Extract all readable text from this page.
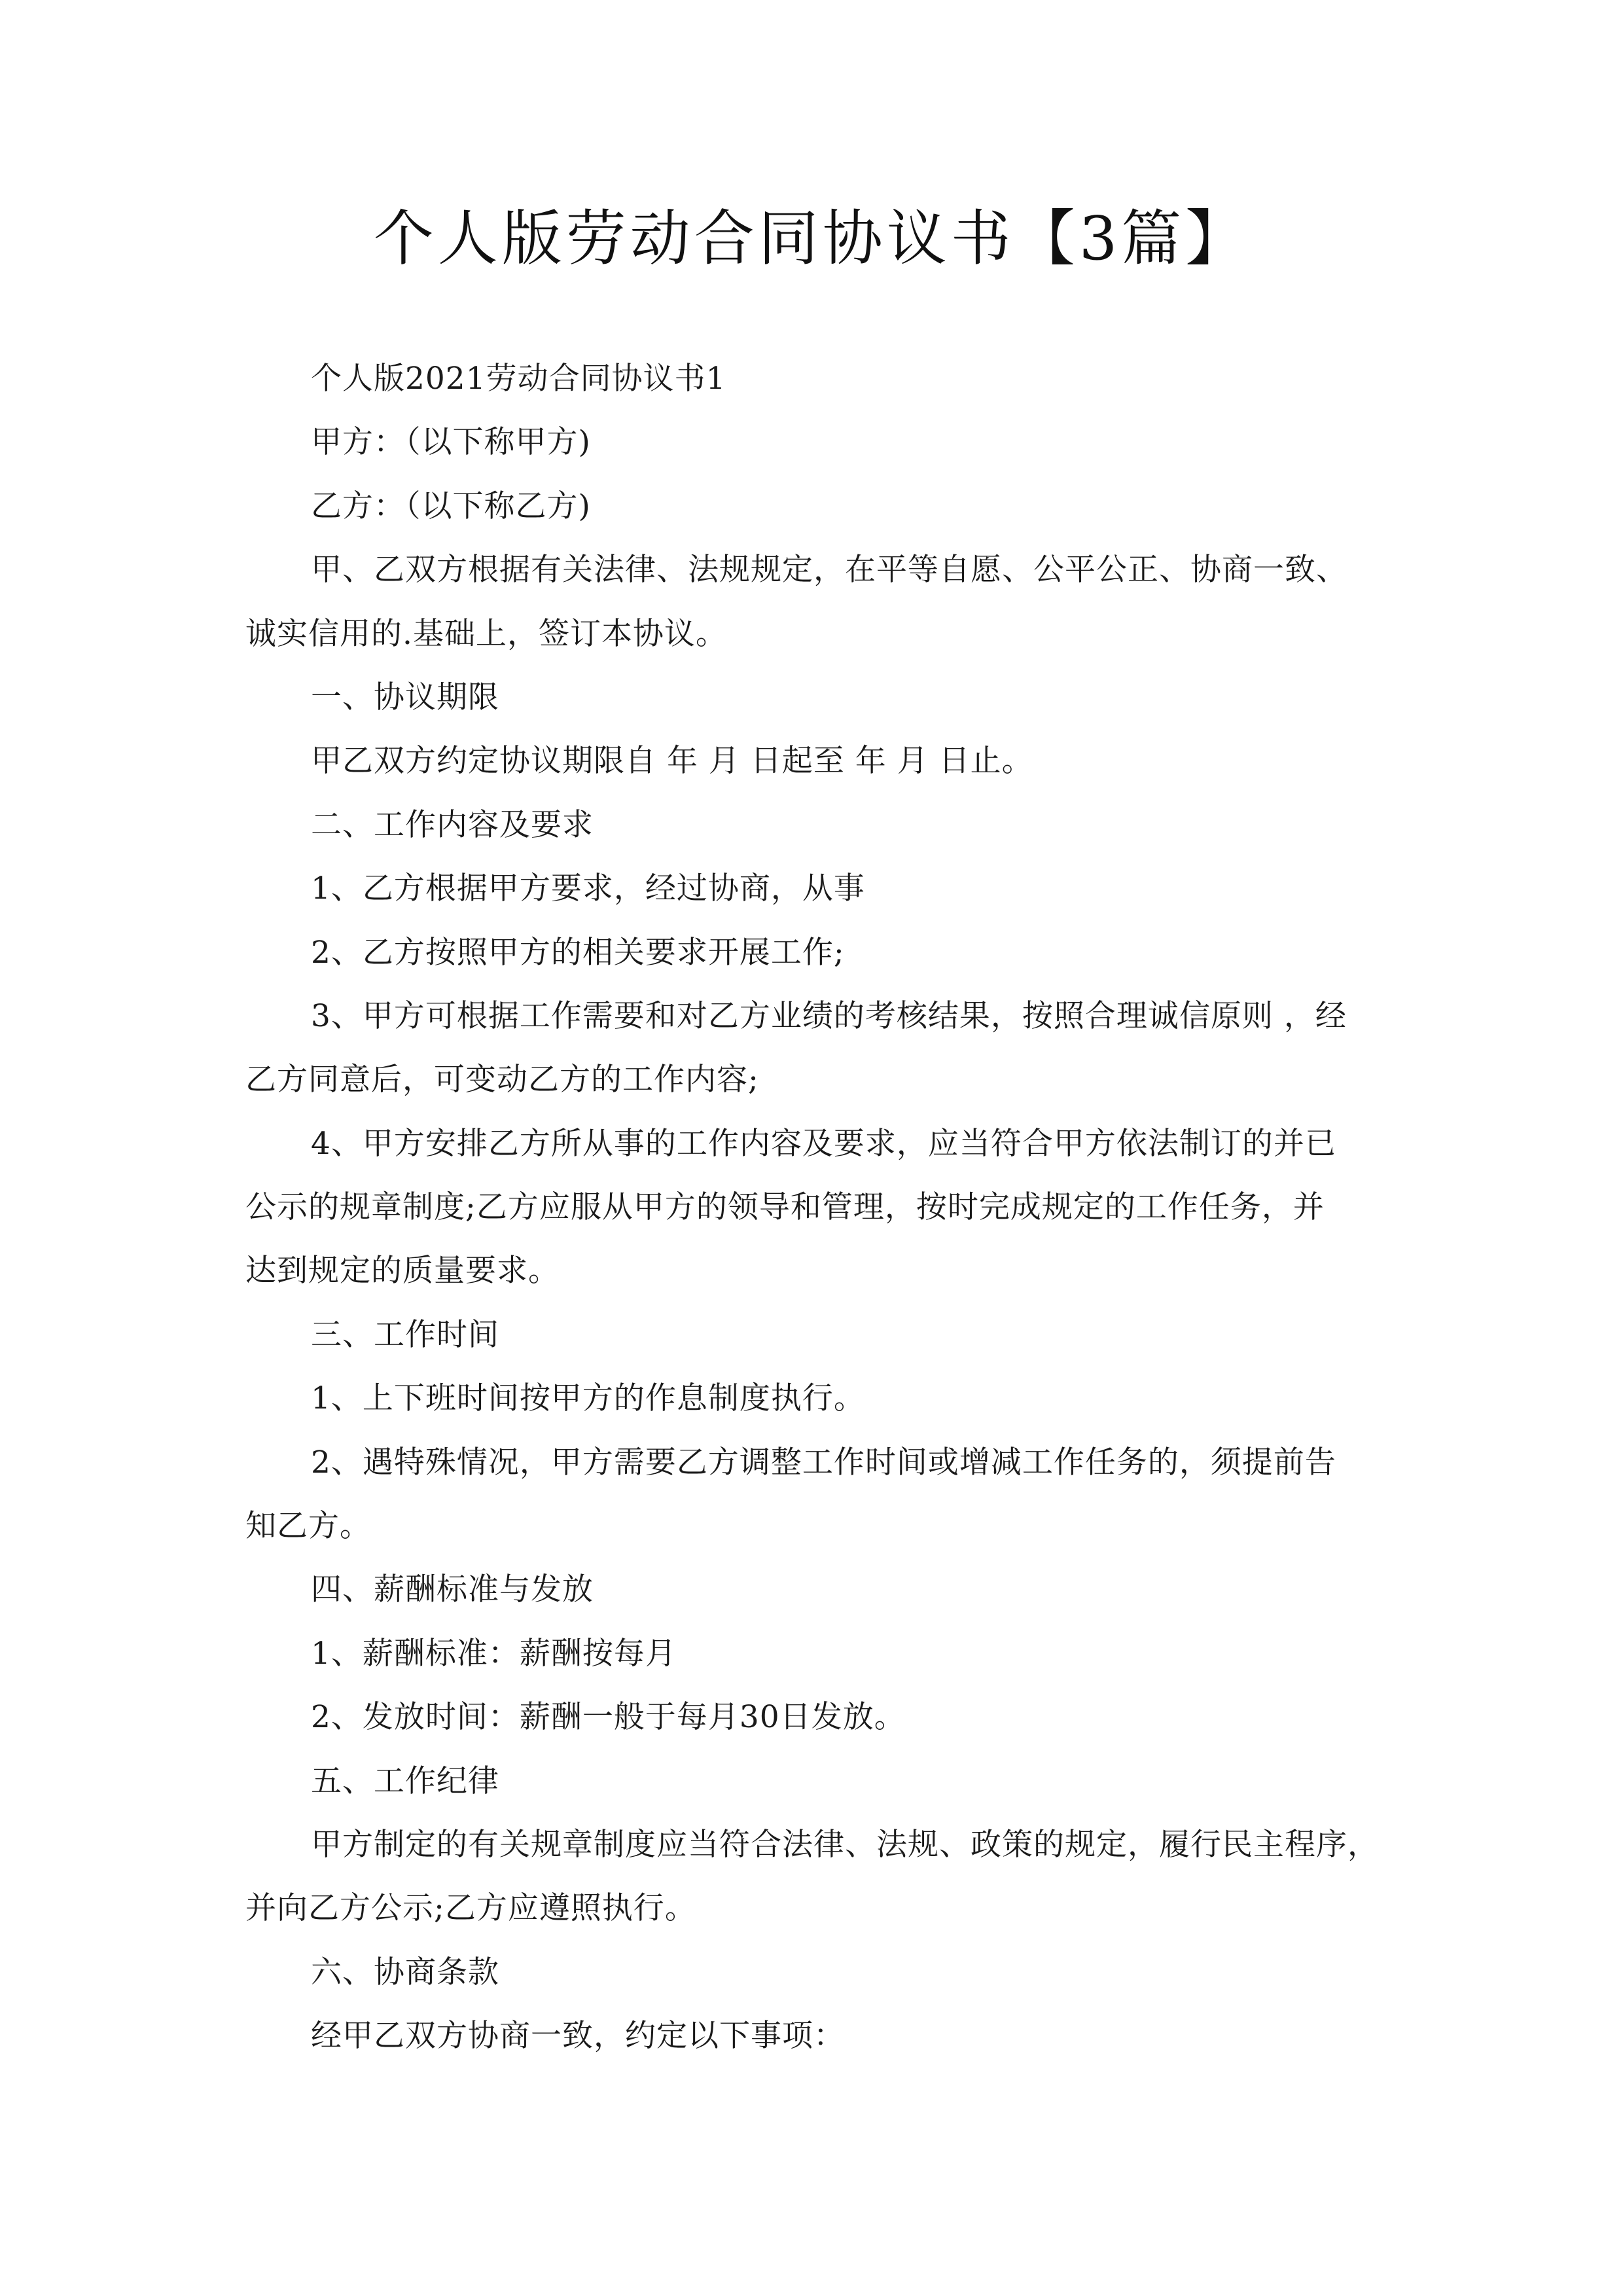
个人版劳动合同协议书【3篇】
个人版2021劳动合同协议书1
甲方：（以下称甲方)
乙方：（以下称乙方)
甲、乙双方根据有关法律、法规规定，在平等自愿、公平公正、协商一致、
诚实信用的.基础上，签订本协议。
一、协议期限
甲乙双方约定协议期限自 年 月 日起至 年 月 日止。
二、工作内容及要求
1、乙方根据甲方要求，经过协商，从事
2、乙方按照甲方的相关要求开展工作;
3、甲方可根据工作需要和对乙方业绩的考核结果，按照合理诚信原则 ，经
乙方同意后，可变动乙方的工作内容;
4、甲方安排乙方所从事的工作内容及要求，应当符合甲方依法制订的并已
公示的规章制度;乙方应服从甲方的领导和管理，按时完成规定的工作任务，并
达到规定的质量要求。
三、工作时间
1、上下班时间按甲方的作息制度执行。
2、遇特殊情况，甲方需要乙方调整工作时间或增减工作任务的，须提前告
知乙方。
四、薪酬标准与发放
1、薪酬标准：薪酬按每月
2、发放时间：薪酬一般于每月30日发放。
五、工作纪律
甲方制定的有关规章制度应当符合法律、法规、政策的规定，履行民主程序，
并向乙方公示;乙方应遵照执行。
六、协商条款
经甲乙双方协商一致，约定以下事项：
